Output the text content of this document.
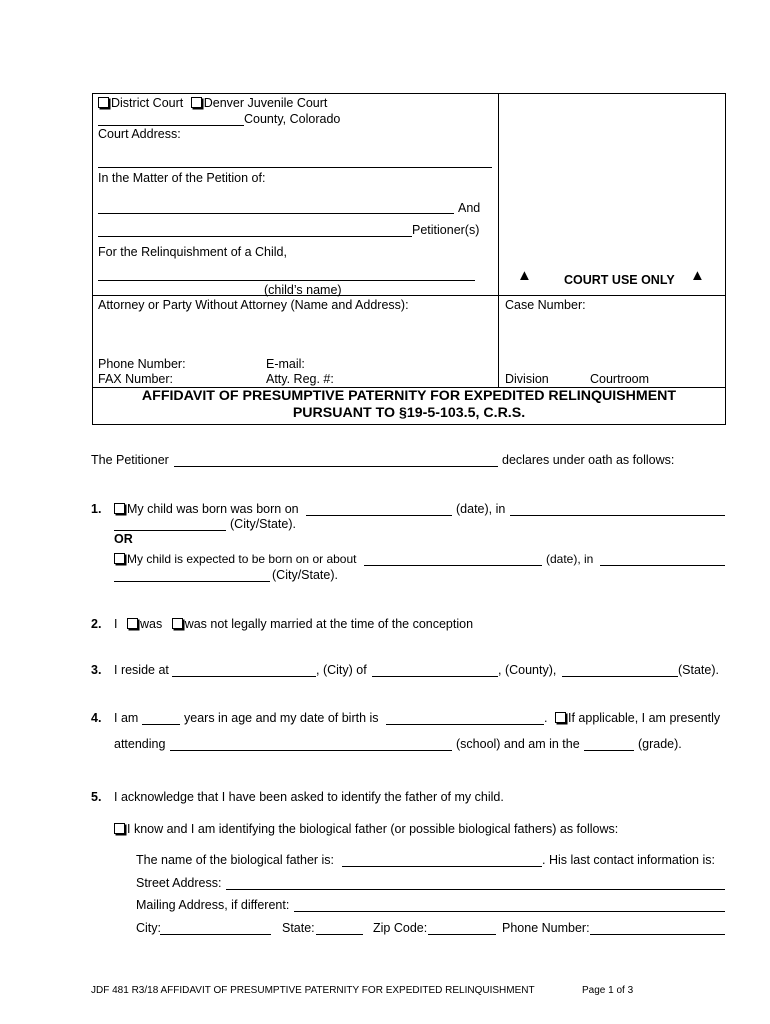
District Court Denver Juvenile Court
County, Colorado
Court Address:
In the Matter of the Petition of:
And
Petitioner(s)
For the Relinquishment of a Child,
(child’s name)
▲	COURT USE ONLY ▲
Attorney or Party Without Attorney (Name and Address):	Case Number:
Phone Number:	E-mail:
FAX Number:	Atty. Reg. #:	Division	Courtroom
AFFIDAVIT OF PRESUMPTIVE PATERNITY FOR EXPEDITED RELINQUISHMENT
PURSUANT TO §19-5-103.5, C.R.S.
The Petitioner	declares under oath as follows:
1.	My child was born was born on	(date), in
(City/State).
OR
My child is expected to be born on or about	(date), in
(City/State).
2. I was was not legally married at the time of the conception
3. I reside at	, (City) of	, (County),	(State).
4. I am	years in age and my date of birth is	.	If applicable, I am presently
attending	(school) and am in the	(grade).
5. I acknowledge that I have been asked to identify the father of my child.
I know and I am identifying the biological father (or possible biological fathers) as follows:
The name of the biological father is:	. His last contact information is:
Street Address:
Mailing Address, if different:
City:	State:	Zip Code:	Phone Number:
JDF 481 R3/18 AFFIDAVIT OF PRESUMPTIVE PATERNITY FOR EXPEDITED RELINQUISHMENT	Page 1 of 3
